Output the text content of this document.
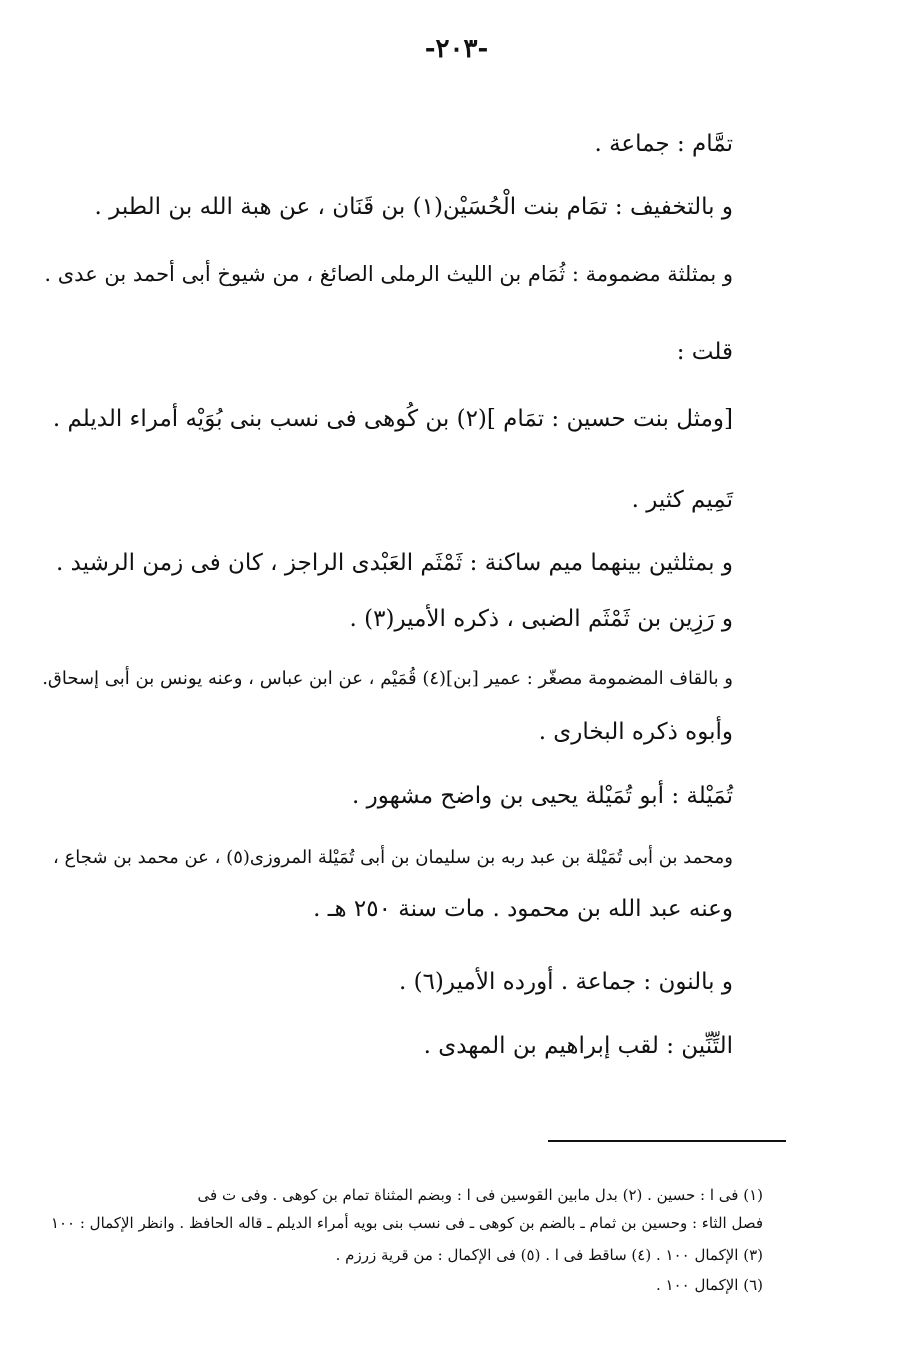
-٢٠٣-
تمَّام : جماعة .
و بالتخفيف : تمَام بنت الْحُسَيْن(١) بن قَنَان ، عن هبة الله بن الطبر .
و بمثلثة مضمومة : ثُمَام بن الليث الرملى الصائغ ، من شيوخ أبى أحمد بن عدى .
قلت :
[ومثل بنت حسين : تمَام ](٢) بن كُوهى فى نسب بنى بُوَيْه أمراء الديلم .
تَمِيم كثير .
و بمثلثين بينهما ميم ساكنة : ثَمْثَم العَبْدى الراجز ، كان فى زمن الرشيد .
و رَزِين بن ثَمْثَم الضبى ، ذكره الأمير(٣) .
و بالقاف المضمومة مصغّر : عمير [بن](٤) قُمَيْم ، عن ابن عباس ، وعنه يونس بن أبى إسحاق.
وأبوه ذكره البخارى .
تُمَيْلة : أبو تُمَيْلة يحيى بن واضح مشهور .
ومحمد بن أبى تُمَيْلة بن عبد ربه بن سليمان بن أبى تُمَيْلة المروزى(٥) ، عن محمد بن شجاع ،
وعنه عبد الله بن محمود . مات سنة ٢٥٠ هـ .
و بالنون : جماعة . أورده الأمير(٦) .
التِّنِّين : لقب إبراهيم بن المهدى .
(١) فى ا : حسين . (٢) بدل مابين القوسين فى ا : وبضم المثناة تمام بن كوهى . وفى ت فى
فصل الثاء : وحسين بن ثمام ـ بالضم بن كوهى ـ فى نسب بنى بويه أمراء الديلم ـ قاله الحافظ . وانظر الإكمال : ١٠٠
(٣) الإكمال ١٠٠ . (٤) ساقط فى ا . (٥) فى الإكمال : من قرية زرزم .
(٦) الإكمال ١٠٠ .
